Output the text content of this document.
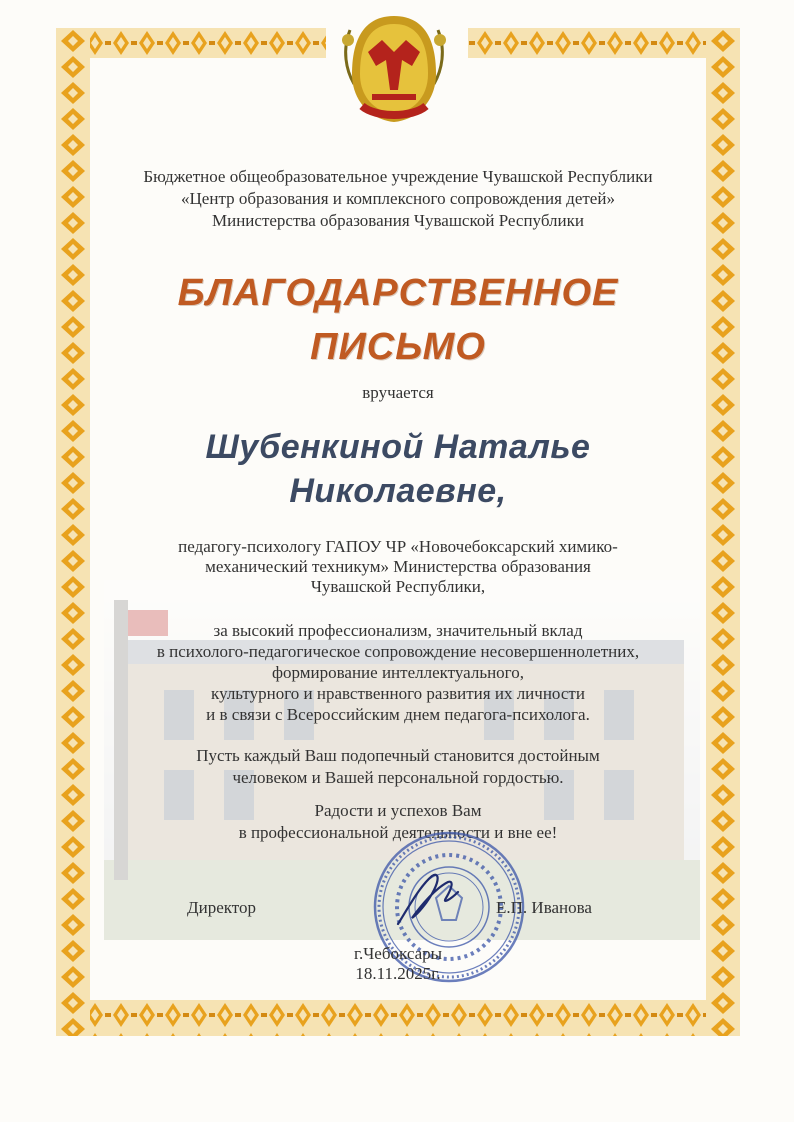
Бюджетное общеобразовательное учреждение Чувашской Республики
«Центр образования и комплексного сопровождения детей»
Министерства образования Чувашской Республики
БЛАГОДАРСТВЕННОЕ
ПИСЬМО
вручается
Шубенкиной Наталье
Николаевне,
педагогу-психологу ГАПОУ ЧР «Новочебоксарский химико-
механический техникум» Министерства образования
Чувашской Республики,
за высокий профессионализм, значительный вклад
в психолого-педагогическое сопровождение несовершеннолетних,
формирование интеллектуального,
культурного и нравственного развития их личности
и в связи с Всероссийским днем педагога-психолога.
Пусть каждый Ваш подопечный становится достойным
человеком и Вашей персональной гордостью.
Радости и успехов Вам
в профессиональной деятельности и вне ее!
Директор	Е.П. Иванова
г.Чебоксары
18.11.2025г.
